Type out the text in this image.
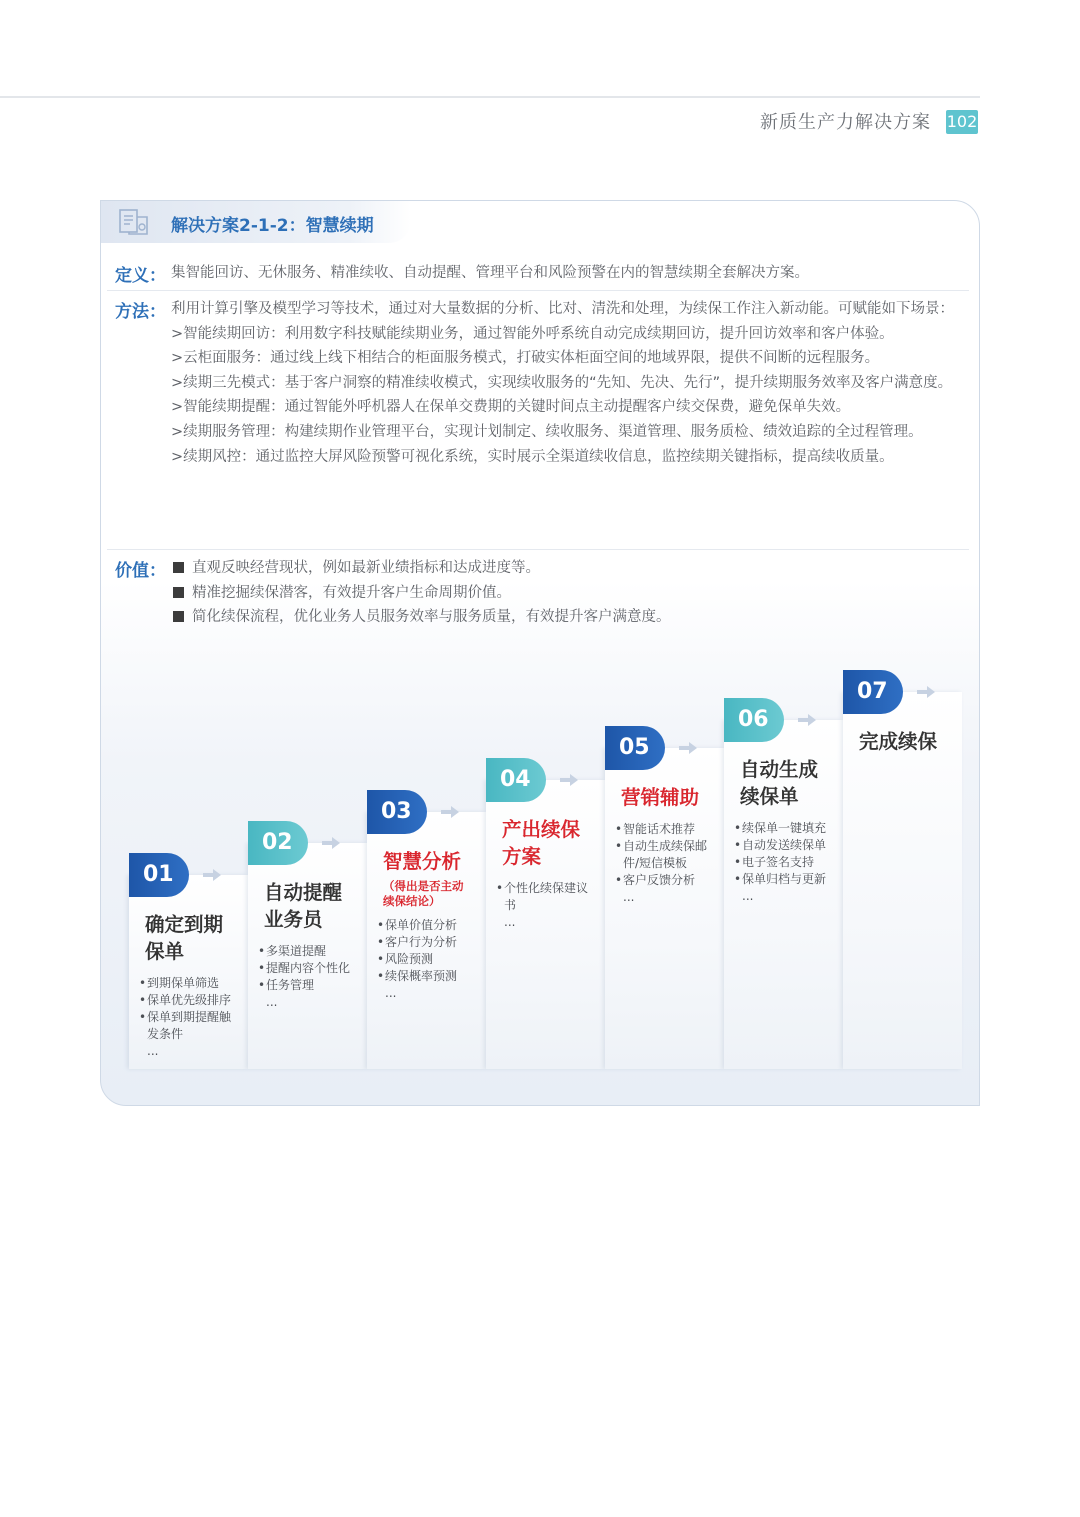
新质生产力解决方案 102
解决方案2-1-2：智慧续期
定义： 集智能回访、无休服务、精准续收、自动提醒、管理平台和风险预警在内的智慧续期全套解决方案。
方法： 利用计算引擎及模型学习等技术，通过对大量数据的分析、比对、清洗和处理，为续保工作注入新动能。可赋能如下场景：
>智能续期回访：利用数字科技赋能续期业务，通过智能外呼系统自动完成续期回访，提升回访效率和客户体验。
>云柜面服务：通过线上线下相结合的柜面服务模式，打破实体柜面空间的地域界限，提供不间断的远程服务。
>续期三先模式：基于客户洞察的精准续收模式，实现续收服务的“先知、先决、先行”，提升续期服务效率及客户满意度。
>智能续期提醒：通过智能外呼机器人在保单交费期的关键时间点主动提醒客户续交保费，避免保单失效。
>续期服务管理：构建续期作业管理平台，实现计划制定、续收服务、渠道管理、服务质检、绩效追踪的全过程管理。
>续期风控：通过监控大屏风险预警可视化系统，实时展示全渠道续收信息，监控续期关键指标，提高续收质量。
价值：	直观反映经营现状，例如最新业绩指标和达成进度等。
精准挖掘续保潜客，有效提升客户生命周期价值。
简化续保流程，优化业务人员服务效率与服务质量，有效提升客户满意度。
01
确定到期
保单
• 到期保单筛选
• 保单优先级排序
• 保单到期提醒触发条件
...
02
自动提醒
业务员
• 多渠道提醒
• 提醒内容个性化
• 任务管理
...
03
智慧分析
（得出是否主动续保结论）
• 保单价值分析
• 客户行为分析
• 风险预测
• 续保概率预测
...
04
产出续保
方案
• 个性化续保建议书
...
05
营销辅助
• 智能话术推荐
• 自动生成续保邮件/短信模板
• 客户反馈分析
...
06
自动生成
续保单
• 续保单一键填充
• 自动发送续保单
• 电子签名支持
• 保单归档与更新
...
07
完成续保
